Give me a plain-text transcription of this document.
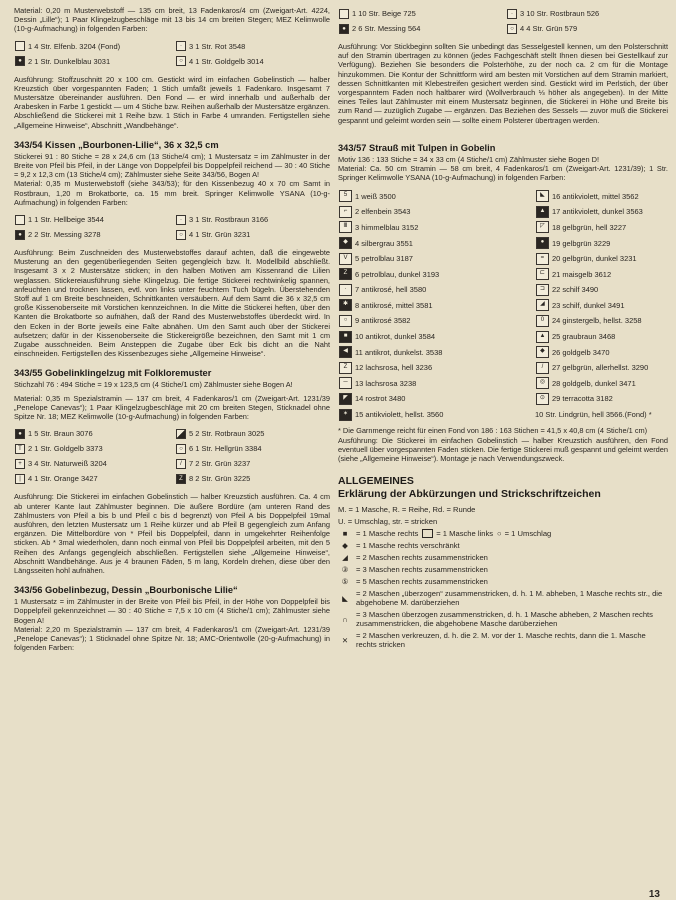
Material: 0,20 m Musterwebstoff — 135 cm breit, 13 Fadenkaros/4 cm (Zweigart-Art. 4224, Dessin „Lille“); 1 Paar Klingelzugbeschläge mit 13 bis 14 cm breiten Stegen; MEZ Kelimwolle (10-g-Aufmachung) in folgenden Farben:

1 4 Str. Elfenb. 3204 (Fond)	· 3 1 Str. Rot 3548
● 2 1 Str. Dunkelblau 3031	○ 4 1 Str. Goldgelb 3014

Ausführung: Stoffzuschnitt 20 x 100 cm. Gestickt wird im einfachen Gobelinstich — halber Kreuzstich über vorgespannten Faden; 1 Stich umfaßt jeweils 1 Fadenkaro. Insgesamt 7 Mustersätze übereinander ausführen. Den Fond — er wird innerhalb und außerhalb der Arabesken in Farbe 1 gestickt — um 4 Stiche bzw. Reihen außerhalb der Mustersätze ergänzen. Abschließend die Stickerei mit 1 Reihe bzw. 1 Stich in Farbe 4 umranden. Fertigstellen siehe „Allgemeine Hinweise“, Abschnitt „Wandbehänge“.

343/54 Kissen „Bourbonen-Lilie“, 36 x 32,5 cm

Stickerei 91 : 80 Stiche = 28 x 24,6 cm (13 Stiche/4 cm); 1 Mustersatz = im Zählmuster in der Breite von Pfeil bis Pfeil, in der Länge von Doppelpfeil bis Doppelpfeil reichend — 30 : 40 Stiche = 9,2 x 12,3 cm (13 Stiche/4 cm); Zählmuster siehe Seite 343/56, Bogen A!

Material: 0,35 m Musterwebstoff (siehe 343/53); für den Kissenbezug 40 x 70 cm Samt in Rostbraun, 1,20 m Brokatborte, ca. 15 mm breit. Springer Kelimwolle YSANA (10-g-Aufmachung) in folgenden Farben:

1 1 Str. Hellbeige 3544	· 3 1 Str. Rostbraun 3166
● 2 2 Str. Messing 3278	○ 4 1 Str. Grün 3231

Ausführung: Beim Zuschneiden des Musterwebstoffes darauf achten, daß die eingewebte Musterung an den gegenüberliegenden Seiten gegengleich bzw. lt. Modellbild abschließt. Insgesamt 3 x 2 Mustersätze sticken; in den halben Motiven am Kissenrand die Lilien weglassen. Stickereiausführung siehe Klingelzug. Die fertige Stickerei rechtwinkelig spannen, anfeuchten und trocknen lassen, evtl. von links unter feuchtem Tuch bügeln. Überstehenden Stoff auf 1 cm Breite beschneiden, Schnittkanten versäubern. Auf dem Samt die 36 x 32,5 cm große Kissenoberseite mit Vorstichen kennzeichnen. In die Mitte die Stickerei heften, über den Kanten die Brokatborte so aufnähen, daß der Rand des Musterwebstoffes überdeckt wird. In den Ecken in der Borte jeweils eine Falte abnähen. Um den Samt auch über der Stickerei aufsetzen; dafür in der Kissenoberseite die Stickereigröße bezeichnen, den Samt mit 1 cm Zugabe ausschneiden. Beim Ansteppen die Zugabe über Eck bis dicht an die Naht einschneiden. Fertigstellen des Kissenbezuges siehe „Allgemeine Hinweise“.

343/55 Gobelinklingelzug mit Folkloremuster

Stichzahl 76 : 494 Stiche = 19 x 123,5 cm (4 Stiche/1 cm) Zählmuster siehe Bogen A!

Material: 0,35 m Spezialstramin — 137 cm breit, 4 Fadenkaros/1 cm (Zweigart-Art. 1231/39 „Penelope Canevas“); 1 Paar Klingelzugbeschläge mit 20 cm breiten Stegen, Sticknadel ohne Spitze Nr. 18; MEZ Kelimwolle (10-g-Aufmachung) in folgenden Farben:

● 1 5 Str. Braun 3076	5 2 Str. Rotbraun 3025
T 2 1 Str. Goldgelb 3373	○ 6 1 Str. Hellgrün 3384
+ 3 4 Str. Naturweiß 3204	/ 7 2 Str. Grün 3237
| 4 1 Str. Orange 3427	Z 8 2 Str. Grün 3225

Ausführung: Die Stickerei im einfachen Gobelinstich — halber Kreuzstich ausführen. Ca. 4 cm ab unterer Kante laut Zählmuster beginnen. Die äußere Bordüre (am unteren Rand des Zählmusters von Pfeil a bis b und Pfeil c bis d begrenzt) von Pfeil A bis Doppelpfeil 19mal ausführen, den letzten Mustersatz um 1 Reihe kürzer und ab Pfeil B gegengleich zum Anfang ergänzen. Die Mittelbordüre von * Pfeil bis Doppelpfeil, dann in umgekehrter Reihenfolge sticken. Ab * 3mal wiederholen, dann noch einmal von Pfeil bis Doppelpfeil arbeiten, mit den 5 Reihen des Anfangs gegengleich abschließen. Fertigstellen siehe „Allgemeine Hinweise“, Abschnitt Wandbehänge. Aus je 4 braunen Fäden, 5 m lang, Kordeln drehen, diese über den Längsseiten hohl aufnähen.

343/56 Gobelinbezug, Dessin „Bourbonische Lilie“

1 Mustersatz = im Zählmuster in der Breite von Pfeil bis Pfeil, in der Höhe von Doppelpfeil bis Doppelpfeil gekennzeichnet — 30 : 40 Stiche = 7,5 x 10 cm (4 Stiche/1 cm); Zählmuster siehe Bogen A!

Material: 2,20 m Spezialstramin — 137 cm breit, 4 Fadenkaros/1 cm (Zweigart-Art. 1231/39 „Penelope Canevas“); 1 Sticknadel ohne Spitze Nr. 18; AMC-Orientwolle (20-g-Aufmachung) in folgenden Farben:

1 10 Str. Beige 725	· 3 10 Str. Rostbraun 526
● 2 6 Str. Messing 564	○ 4 4 Str. Grün 579

Ausführung: Vor Stickbeginn sollten Sie unbedingt das Sesselgestell kennen, um den Polsterschnitt auf den Stramin übertragen zu können (jedes Fachgeschäft stellt Ihnen diesen bei Gestellkauf zur Verfügung). Beziehen Sie besonders die Polsterhöhe, zu der noch ca. 2 cm für die Montage hinzukommen. Die Kontur der Schnittform wird am besten mit Vorstichen auf dem Stramin markiert, dessen Schnittkanten mit Klebestreifen gesichert werden sind. Gestickt wird im Perlstich, der über vorgespanntem Faden noch haltbarer wird (Wollverbrauch ⅓ höher als angegeben). In der Mitte eines Teiles laut Zählmuster mit einem Mustersatz beginnen, die Stickerei in Höhe und Breite bis zum Rand — zuzüglich Zugabe — ergänzen. Das Beziehen des Sessels — zuvor muß die Stickerei gespannt und geleimt worden sein — sollte einem Polsterer übertragen werden.

343/57 Strauß mit Tulpen in Gobelin

Motiv 136 : 133 Stiche = 34 x 33 cm (4 Stiche/1 cm) Zählmuster siehe Bogen D!

Material: Ca. 50 cm Stramin — 58 cm breit, 4 Fadenkaros/1 cm (Zweigart-Art. 1231/39); 1 Str. Springer Kelimwolle YSANA (10-g-Aufmachung) in folgenden Farben:

5	1 weiß 3500	◣ 16 antikviolett, mittel 3562
⌐	2 elfenbein 3543	▲ 17 antikviolett, dunkel 3563
Ⅲ 3 himmelblau 3152	◸ 18 gelbgrün, hell 3227
◆ 4 silbergrau 3551	●	19 gelbgrün 3229
V	5 petrolblau 3187	=	20 gelbgrün, dunkel 3231
Z	6 petrolblau, dunkel 3193	⊏ 21 maisgelb 3612
·	7 antikrosé, hell 3580	⊐ 22 schilf 3490
✱ 8 antikrosé, mittel 3581	◢ 23 schilf, dunkel 3491
○	9 antikrosé 3582	0	24 ginstergelb, hellst. 3258
■	10 antikrot, dunkel 3584	▲ 25 graubraun 3468
◀ 11 antikrot, dunkelst. 3538	◆ 26 goldgelb 3470
Z	12 lachsrosa, hell 3236	/	27 gelbgrün, allerhellst. 3290
─ 13 lachsrosa 3238	◎ 28 goldgelb, dunkel 3471
◤ 14 rostrot 3480	⊙ 29 terracotta 3182
✶ 15 antikviolett, hellst. 3560	10 Str. Lindgrün, hell 3566.(Fond) *

* Die Garnmenge reicht für einen Fond von 186 : 163 Stichen = 41,5 x 40,8 cm (4 Stiche/1 cm)

Ausführung: Die Stickerei im einfachen Gobelinstich — halber Kreuzstich ausführen, den Fond eventuell über vorgespannten Faden sticken. Die fertige Stickerei muß gespannt und geleimt werden (siehe „Allgemeine Hinweise“). Montage je nach Verwendungszweck.

ALLGEMEINES
Erklärung der Abkürzungen und Strickschriftzeichen
M. = 1 Masche, R. = Reihe, Rd. = Runde
U. = Umschlag, str. = stricken
■	= 1 Masche rechts = 1 Masche links ○ = 1 Umschlag
◆	= 1 Masche rechts verschränkt
◢	= 2 Maschen rechts zusammenstricken
③ = 3 Maschen rechts zusammenstricken
⑤ = 5 Maschen rechts zusammenstricken
◣	= 2 Maschen „überzogen“ zusammenstricken, d. h. 1 M. abheben, 1 Masche rechts str., die abgehobene M. darüberziehen
∩	= 3 Maschen überzogen zusammenstricken, d. h. 1 Masche abheben, 2 Maschen rechts zusammenstricken, die abgehobene Masche darüberziehen
✕	= 2 Maschen verkreuzen, d. h. die 2. M. vor der 1. Masche rechts, dann die 1. Masche rechts stricken
13
